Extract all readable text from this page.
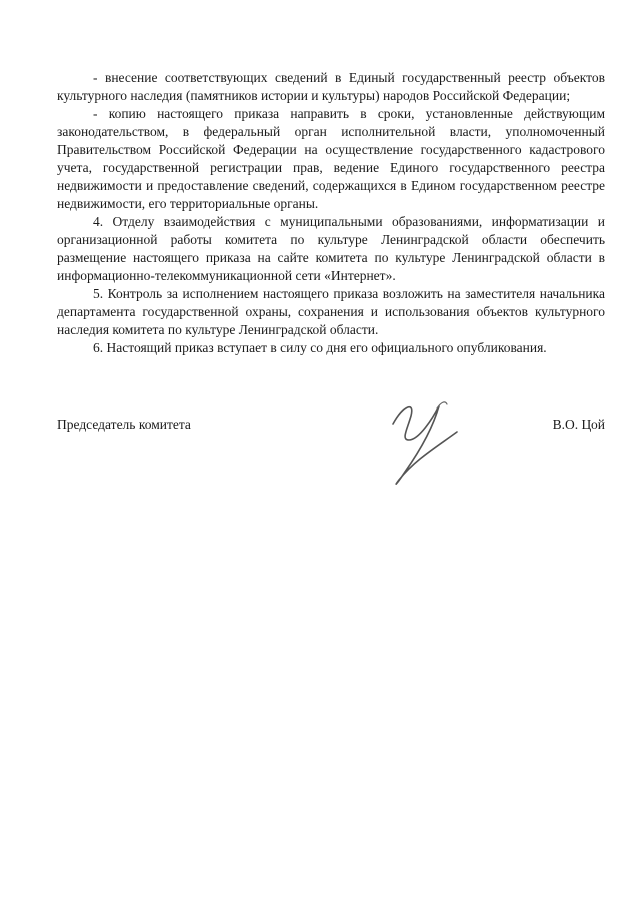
- внесение соответствующих сведений в Единый государственный реестр объектов культурного наследия (памятников истории и культуры) народов Российской Федерации;

- копию настоящего приказа направить в сроки, установленные действующим законодательством, в федеральный орган исполнительной власти, уполномоченный Правительством Российской Федерации на осуществление государственного кадастрового учета, государственной регистрации прав, ведение Единого государственного реестра недвижимости и предоставление сведений, содержащихся в Едином государственном реестре недвижимости, его территориальные органы.

4. Отделу взаимодействия с муниципальными образованиями, информатизации и организационной работы комитета по культуре Ленинградской области обеспечить размещение настоящего приказа на сайте комитета по культуре Ленинградской области в информационно-телекоммуникационной сети «Интернет».

5. Контроль за исполнением настоящего приказа возложить на заместителя начальника департамента государственной охраны, сохранения и использования объектов культурного наследия комитета по культуре Ленинградской области.

6. Настоящий приказ вступает в силу со дня его официального опубликования.

Председатель комитета	В.О. Цой
